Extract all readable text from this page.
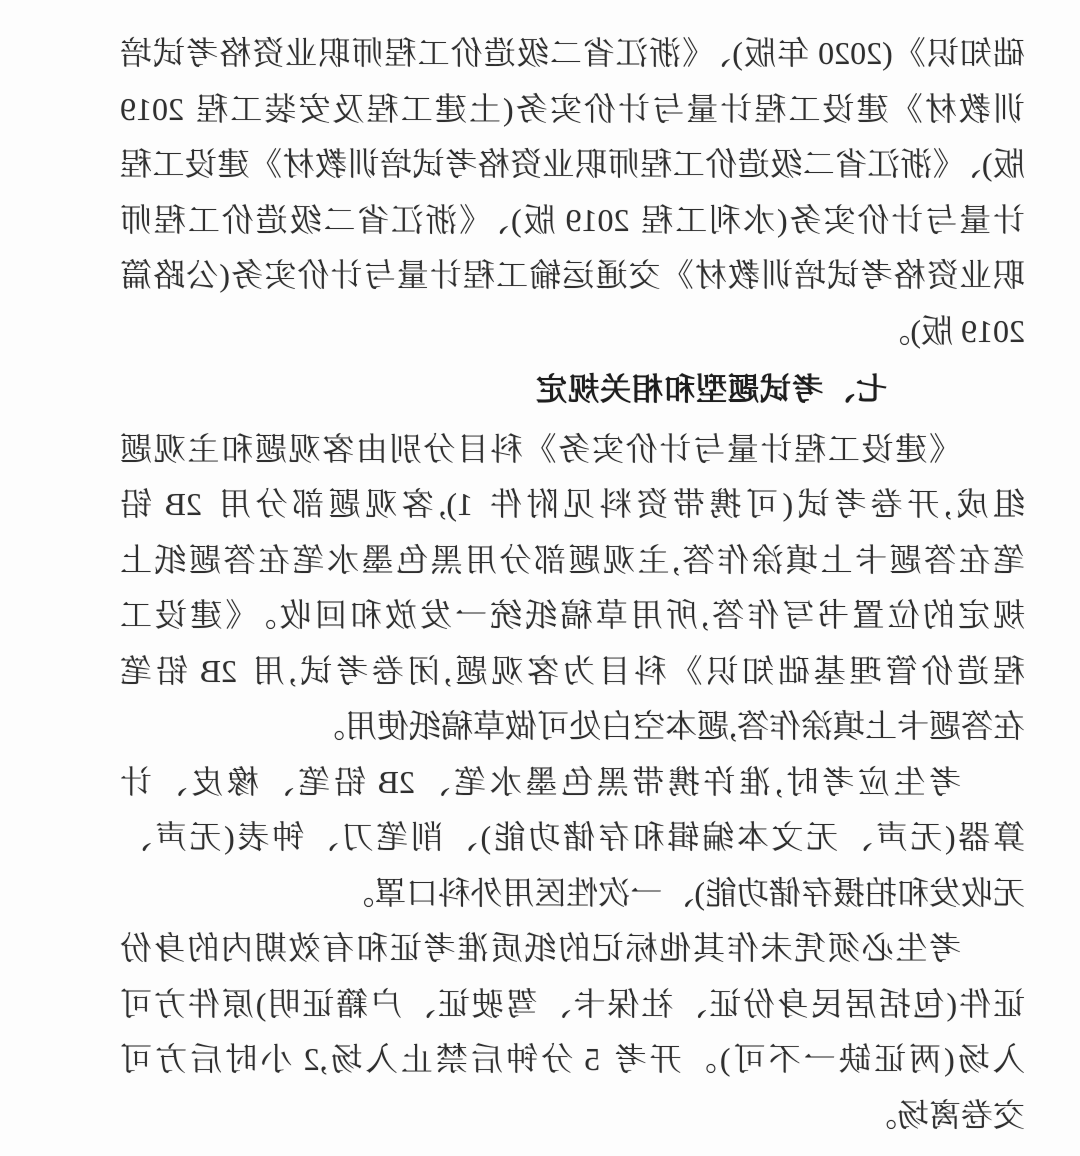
础知识》(2020 年版)、《浙江省二级造价工程师职业资格考试培
训教材》建设工程计量与计价实务(土建工程及安装工程 2019
版)、《浙江省二级造价工程师职业资格考试培训教材》建设工程
计量与计价实务(水利工程 2019 版)、《浙江省二级造价工程师
职业资格考试培训教材》交通运输工程计量与计价实务(公路篇
2019 版)。
七、考试题型和相关规定
《建设工程计量与计价实务》科目分别由客观题和主观题
组成,开卷考试(可携带资料见附件 1),客观题部分用 2B 铅
笔在答题卡上填涂作答,主观题部分用黑色墨水笔在答题纸上
规定的位置书写作答,所用草稿纸统一发放和回收。《建设工
程造价管理基础知识》科目为客观题,闭卷考试,用 2B 铅笔
在答题卡上填涂作答,题本空白处可做草稿纸使用。
考生应考时,准许携带黑色墨水笔、2B 铅笔、橡皮、计
算器(无声、无文本编辑和存储功能)、削笔刀、钟表(无声、
无收发和拍摄存储功能)、一次性医用外科口罩。
考生必须凭未作其他标记的纸质准考证和有效期内的身份
证件(包括居民身份证、社保卡、驾驶证、户籍证明)原件方可
入场(两证缺一不可)。开考 5 分钟后禁止入场,2 小时后方可
交卷离场。
